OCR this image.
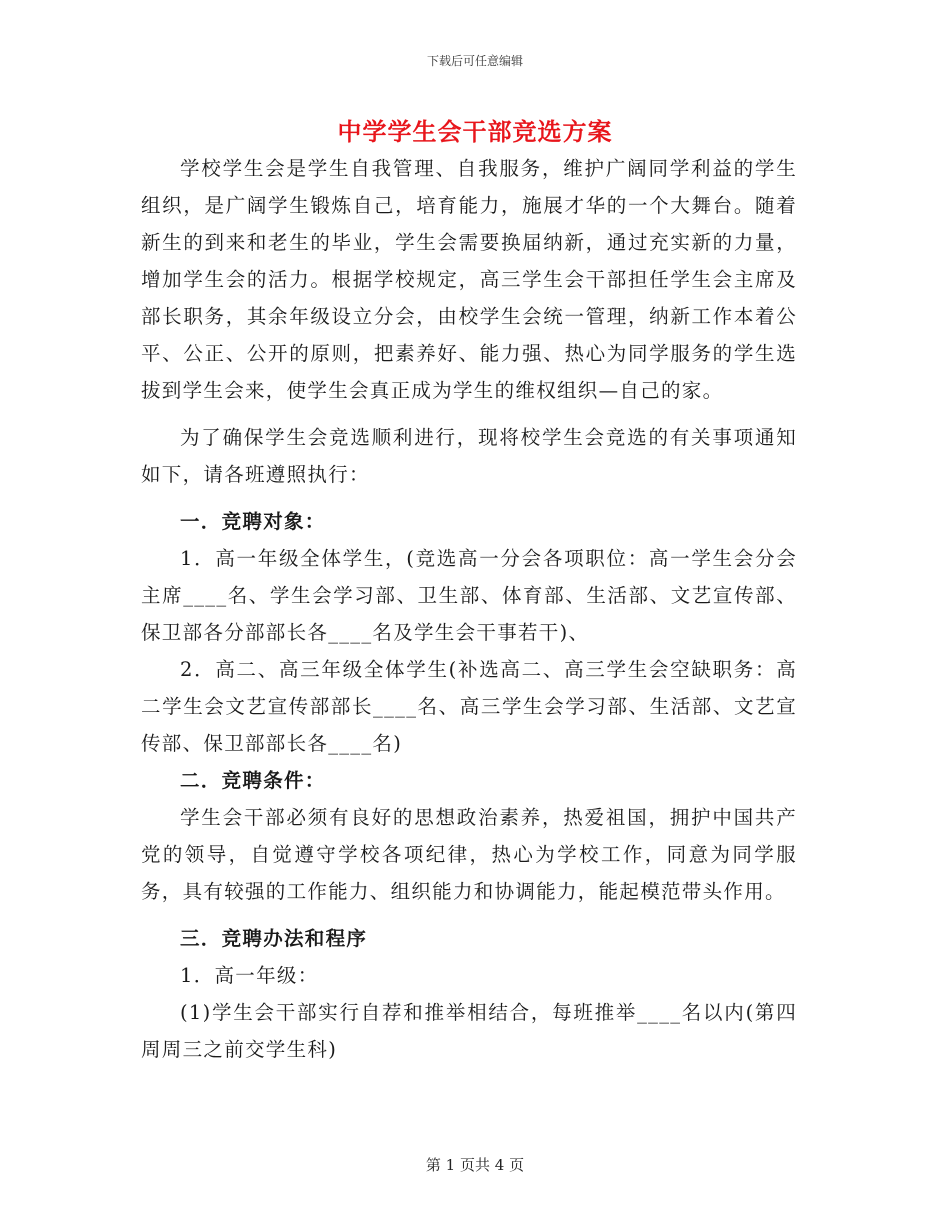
下载后可任意编辑
中学学生会干部竞选方案

学校学生会是学生自我管理、自我服务，维护广阔同学利益的学生组织，是广阔学生锻炼自己，培育能力，施展才华的一个大舞台。随着新生的到来和老生的毕业，学生会需要换届纳新，通过充实新的力量，增加学生会的活力。根据学校规定，高三学生会干部担任学生会主席及部长职务，其余年级设立分会，由校学生会统一管理，纳新工作本着公平、公正、公开的原则，把素养好、能力强、热心为同学服务的学生选拔到学生会来，使学生会真正成为学生的维权组织—自己的家。

为了确保学生会竞选顺利进行，现将校学生会竞选的有关事项通知如下，请各班遵照执行：

一．竞聘对象：

1．高一年级全体学生，(竞选高一分会各项职位：高一学生会分会主席____名、学生会学习部、卫生部、体育部、生活部、文艺宣传部、保卫部各分部部长各____名及学生会干事若干)、

2．高二、高三年级全体学生(补选高二、高三学生会空缺职务：高二学生会文艺宣传部部长____名、高三学生会学习部、生活部、文艺宣传部、保卫部部长各____名)

二．竞聘条件：

学生会干部必须有良好的思想政治素养，热爱祖国，拥护中国共产党的领导，自觉遵守学校各项纪律，热心为学校工作，同意为同学服务，具有较强的工作能力、组织能力和协调能力，能起模范带头作用。

三．竞聘办法和程序

1．高一年级：

(1)学生会干部实行自荐和推举相结合，每班推举____名以内(第四周周三之前交学生科)

第 1 页共 4 页
